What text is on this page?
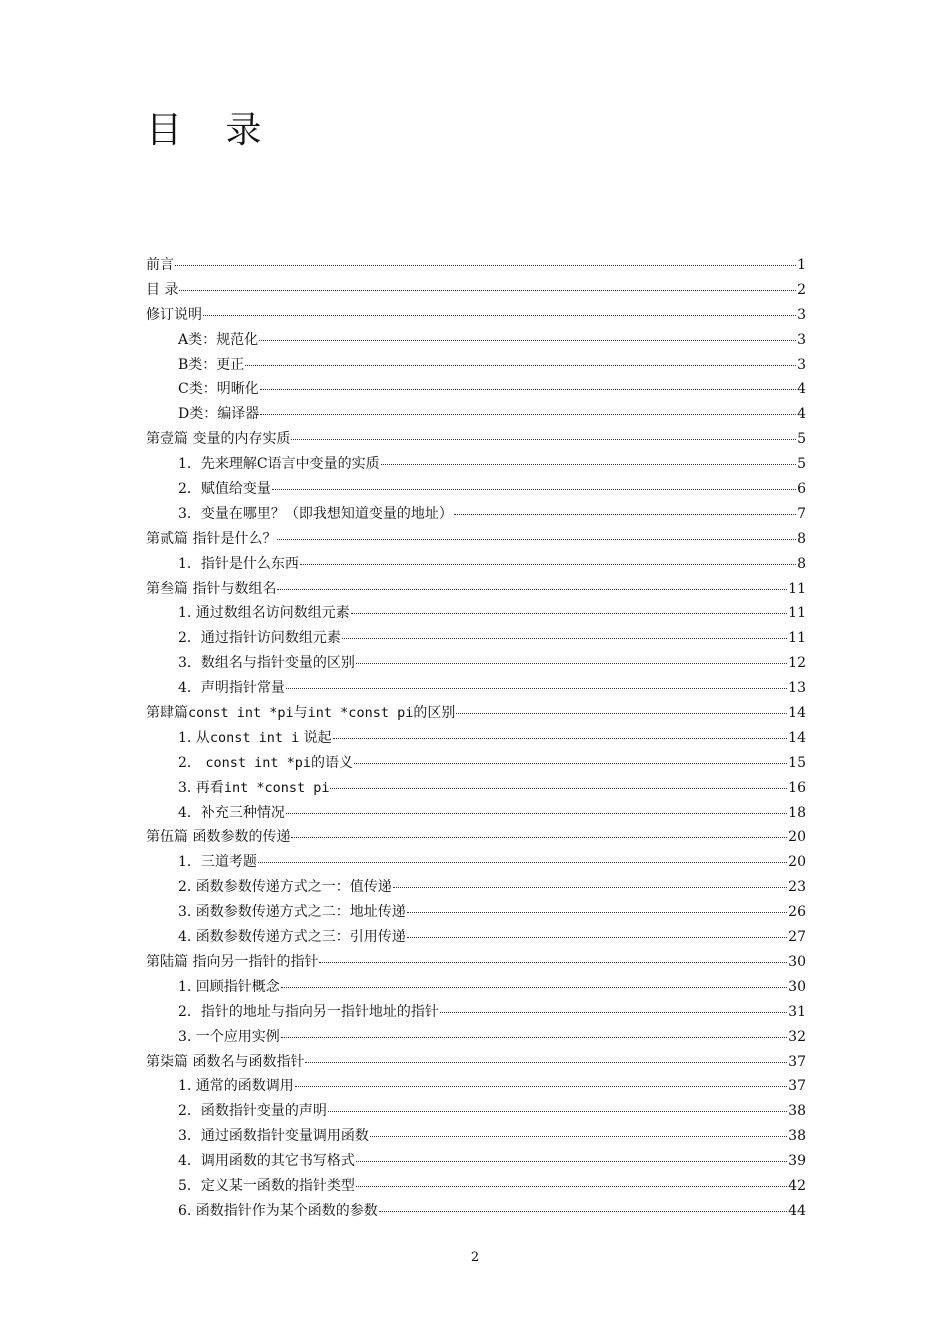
目 录
前言	1
目 录	2
修订说明	3
A类：规范化	3
B类：更正	3
C类：明晰化	4
D类：编译器	4
第壹篇 变量的内存实质	5
1．先来理解C语言中变量的实质	5
2．赋值给变量	6
3．变量在哪里？（即我想知道变量的地址）	7
第贰篇 指针是什么？	8
1．指针是什么东西	8
第叁篇 指针与数组名	11
1. 通过数组名访问数组元素	11
2．通过指针访问数组元素	11
3．数组名与指针变量的区别	12
4．声明指针常量	13
第肆篇const int *pi与int *const pi的区别	14
1. 从const int i 说起	14
2． const int *pi的语义	15
3. 再看int *const pi	16
4．补充三种情况	18
第伍篇 函数参数的传递	20
1．三道考题	20
2. 函数参数传递方式之一：值传递	23
3. 函数参数传递方式之二：地址传递	26
4. 函数参数传递方式之三：引用传递	27
第陆篇 指向另一指针的指针	30
1. 回顾指针概念	30
2．指针的地址与指向另一指针地址的指针	31
3. 一个应用实例	32
第柒篇 函数名与函数指针	37
1. 通常的函数调用	37
2．函数指针变量的声明	38
3．通过函数指针变量调用函数	38
4．调用函数的其它书写格式	39
5．定义某一函数的指针类型	42
6. 函数指针作为某个函数的参数	44
2
